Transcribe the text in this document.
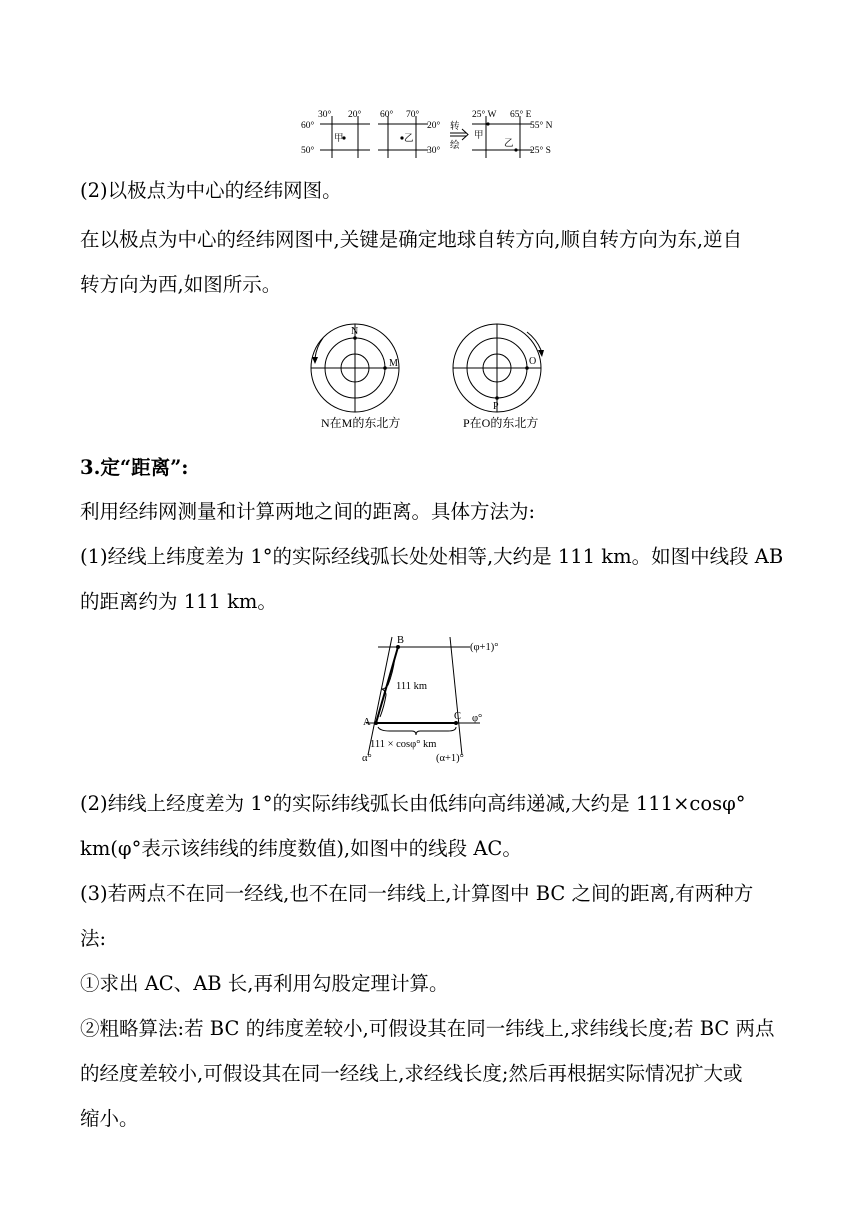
30° 20°
60°
50°
甲
60° 70°
20°
30°
乙
转
绘
25° W 65° E
55° N
25° S
甲
乙
(2)以极点为中心的经纬网图。
在以极点为中心的经纬网图中,关键是确定地球自转方向,顺自转方向为东,逆自
转方向为西,如图所示。
N
M	O
P
N在M的东北方	P在O的东北方
3.定“距离”:
利用经纬网测量和计算两地之间的距离。具体方法为:
(1)经线上纬度差为 1°的实际经线弧长处处相等,大约是 111 km。如图中线段 AB
的距离约为 111 km。
B
(φ+1)°
111 km
A
C φ°
111 × cosφ° km
α°	(α+1)°
(2)纬线上经度差为 1°的实际纬线弧长由低纬向高纬递减,大约是 111×cosφ°
km(φ°表示该纬线的纬度数值),如图中的线段 AC。
(3)若两点不在同一经线,也不在同一纬线上,计算图中 BC 之间的距离,有两种方
法:
①求出 AC、AB 长,再利用勾股定理计算。
②粗略算法:若 BC 的纬度差较小,可假设其在同一纬线上,求纬线长度;若 BC 两点
的经度差较小,可假设其在同一经线上,求经线长度;然后再根据实际情况扩大或
缩小。
